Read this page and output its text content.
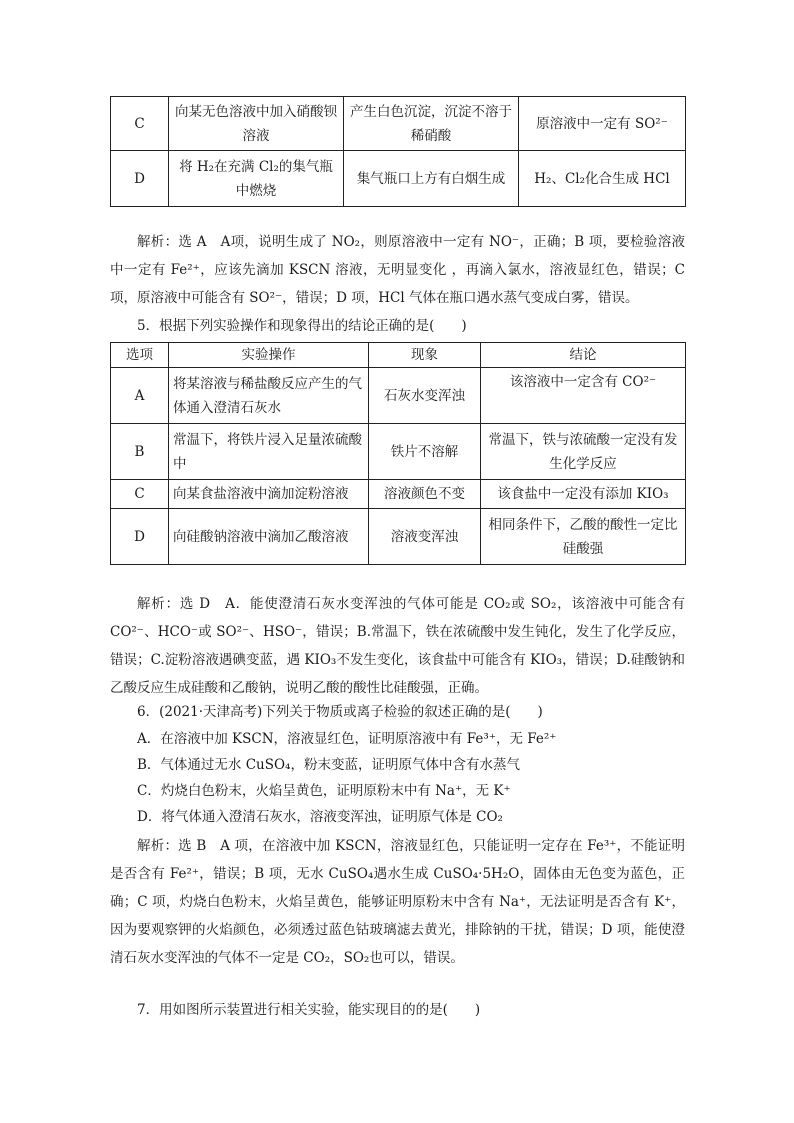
C	向某无色溶液中加入硝酸钡溶液	产生白色沉淀，沉淀不溶于稀硝酸	原溶液中一定有 SO²⁻
D	将 H₂在充满 Cl₂的集气瓶中燃烧	集气瓶口上方有白烟生成	H₂、Cl₂化合生成 HCl

解析：选 A　A项，说明生成了 NO₂，则原溶液中一定有 NO⁻，正确；B 项，要检验溶液中一定有 Fe²⁺，应该先滴加 KSCN 溶液，无明显变化 ，再滴入氯水，溶液显红色，错误；C 项，原溶液中可能含有 SO²⁻，错误；D 项，HCl 气体在瓶口遇水蒸气变成白雾，错误。

5．根据下列实验操作和现象得出的结论正确的是(　　)

选项	实验操作	现象	结论
A	将某溶液与稀盐酸反应产生的气体通入澄清石灰水	石灰水变浑浊	该溶液中一定含有 CO²⁻
B	常温下，将铁片浸入足量浓硫酸中	铁片不溶解	常温下，铁与浓硫酸一定没有发生化学反应
C	向某食盐溶液中滴加淀粉溶液	溶液颜色不变	该食盐中一定没有添加 KIO₃
D	向硅酸钠溶液中滴加乙酸溶液	溶液变浑浊	相同条件下，乙酸的酸性一定比硅酸强

解析：选 D　A．能使澄清石灰水变浑浊的气体可能是 CO₂或 SO₂，该溶液中可能含有 CO²⁻、HCO⁻或 SO²⁻、HSO⁻，错误；B.常温下，铁在浓硫酸中发生钝化，发生了化学反应，错误；C.淀粉溶液遇碘变蓝，遇 KIO₃不发生变化，该食盐中可能含有 KIO₃，错误；D.硅酸钠和乙酸反应生成硅酸和乙酸钠，说明乙酸的酸性比硅酸强，正确。

6．(2021·天津高考)下列关于物质或离子检验的叙述正确的是(　　)

A．在溶液中加 KSCN，溶液显红色，证明原溶液中有 Fe³⁺，无 Fe²⁺

B．气体通过无水 CuSO₄，粉末变蓝，证明原气体中含有水蒸气

C．灼烧白色粉末，火焰呈黄色，证明原粉末中有 Na⁺，无 K⁺

D．将气体通入澄清石灰水，溶液变浑浊，证明原气体是 CO₂

解析：选 B　A 项，在溶液中加 KSCN，溶液显红色，只能证明一定存在 Fe³⁺，不能证明是否含有 Fe²⁺，错误；B 项，无水 CuSO₄遇水生成 CuSO₄·5H₂O，固体由无色变为蓝色，正确；C 项，灼烧白色粉末，火焰呈黄色，能够证明原粉末中含有 Na⁺，无法证明是否含有 K⁺，因为要观察钾的火焰颜色，必须透过蓝色钴玻璃滤去黄光，排除钠的干扰，错误；D 项，能使澄清石灰水变浑浊的气体不一定是 CO₂，SO₂也可以，错误。

7．用如图所示装置进行相关实验，能实现目的的是(　　)
